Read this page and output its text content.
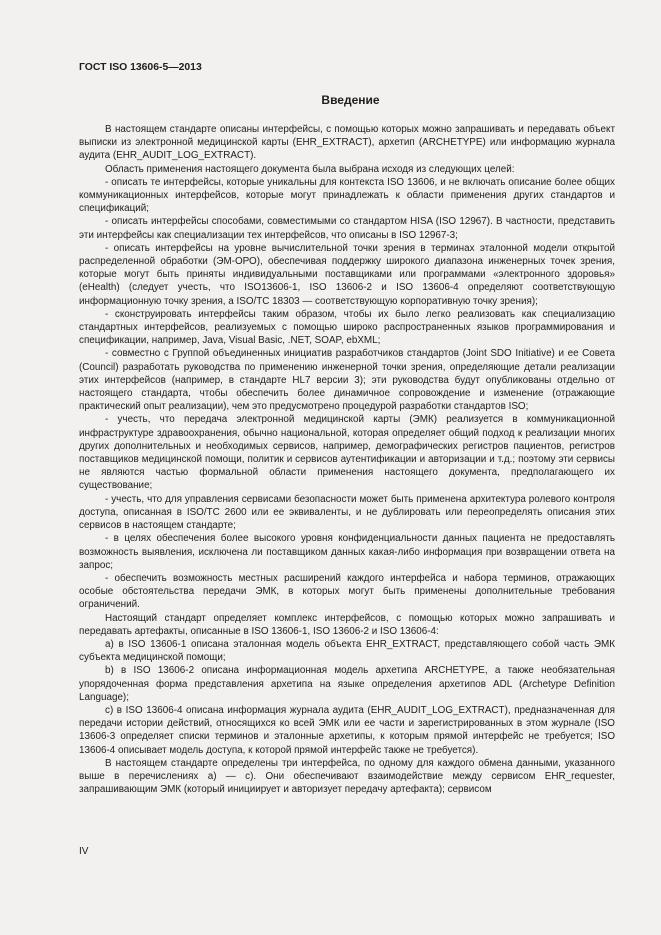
ГОСТ ISO 13606-5—2013
Введение

В настоящем стандарте описаны интерфейсы, с помощью которых можно запрашивать и передавать объект выписки из электронной медицинской карты (EHR_EXTRACT), архетип (ARCHETYPE) или информацию журнала аудита (EHR_AUDIT_LOG_EXTRACT).

Область применения настоящего документа была выбрана исходя из следующих целей:

- описать те интерфейсы, которые уникальны для контекста ISO 13606, и не включать описание более общих коммуникационных интерфейсов, которые могут принадлежать к области применения других стандартов и спецификаций;

- описать интерфейсы способами, совместимыми со стандартом HISA (ISO 12967). В частности, представить эти интерфейсы как специализации тех интерфейсов, что описаны в ISO 12967-3;

- описать интерфейсы на уровне вычислительной точки зрения в терминах эталонной модели открытой распределенной обработки (ЭМ-ОРО), обеспечивая поддержку широкого диапазона инженерных точек зрения, которые могут быть приняты индивидуальными поставщиками или программами «электронного здоровья» (eHealth) (следует учесть, что ISO13606-1, ISO 13606-2 и ISO 13606-4 определяют соответствующую информационную точку зрения, а ISO/TC 18303 — соответствующую корпоративную точку зрения);

- сконструировать интерфейсы таким образом, чтобы их было легко реализовать как специализацию стандартных интерфейсов, реализуемых с помощью широко распространенных языков программирования и спецификации, например, Java, Visual Basic, .NET, SOAP, ebXML;

- совместно с Группой объединенных инициатив разработчиков стандартов (Joint SDO Initiative) и ее Совета (Council) разработать руководства по применению инженерной точки зрения, определяющие детали реализации этих интерфейсов (например, в стандарте HL7 версии 3); эти руководства будут опубликованы отдельно от настоящего стандарта, чтобы обеспечить более динамичное сопровождение и изменение (отражающие практический опыт реализации), чем это предусмотрено процедурой разработки стандартов ISO;

- учесть, что передача электронной медицинской карты (ЭМК) реализуется в коммуникационной инфраструктуре здравоохранения, обычно национальной, которая определяет общий подход к реализации многих других дополнительных и необходимых сервисов, например, демографических регистров пациентов, регистров поставщиков медицинской помощи, политик и сервисов аутентификации и авторизации и т.д.; поэтому эти сервисы не являются частью формальной области применения настоящего документа, предполагающего их существование;

- учесть, что для управления сервисами безопасности может быть применена архитектура ролевого контроля доступа, описанная в ISO/TC 2600 или ее эквиваленты, и не дублировать или переопределять описания этих сервисов в настоящем стандарте;

- в целях обеспечения более высокого уровня конфиденциальности данных пациента не предоставлять возможность выявления, исключена ли поставщиком данных какая-либо информация при возвращении ответа на запрос;

- обеспечить возможность местных расширений каждого интерфейса и набора терминов, отражающих особые обстоятельства передачи ЭМК, в которых могут быть применены дополнительные требования ограничений.

Настоящий стандарт определяет комплекс интерфейсов, с помощью которых можно запрашивать и передавать артефакты, описанные в ISO 13606-1, ISO 13606-2 и ISO 13606-4:

а) в ISO 13606-1 описана эталонная модель объекта EHR_EXTRACT, представляющего собой часть ЭМК субъекта медицинской помощи;

b) в ISO 13606-2 описана информационная модель архетипа ARCHETYPE, а также необязательная упорядоченная форма представления архетипа на языке определения архетипов ADL (Archetype Definition Language);

с) в ISO 13606-4 описана информация журнала аудита (EHR_AUDIT_LOG_EXTRACT), предназначенная для передачи истории действий, относящихся ко всей ЭМК или ее части и зарегистрированных в этом журнале (ISO 13606-3 определяет списки терминов и эталонные архетипы, к которым прямой интерфейс не требуется; ISO 13606-4 описывает модель доступа, к которой прямой интерфейс также не требуется).

В настоящем стандарте определены три интерфейса, по одному для каждого обмена данными, указанного выше в перечислениях а) — с). Они обеспечивают взаимодействие между сервисом EHR_requester, запрашивающим ЭМК (который инициирует и авторизует передачу артефакта); сервисом

IV
